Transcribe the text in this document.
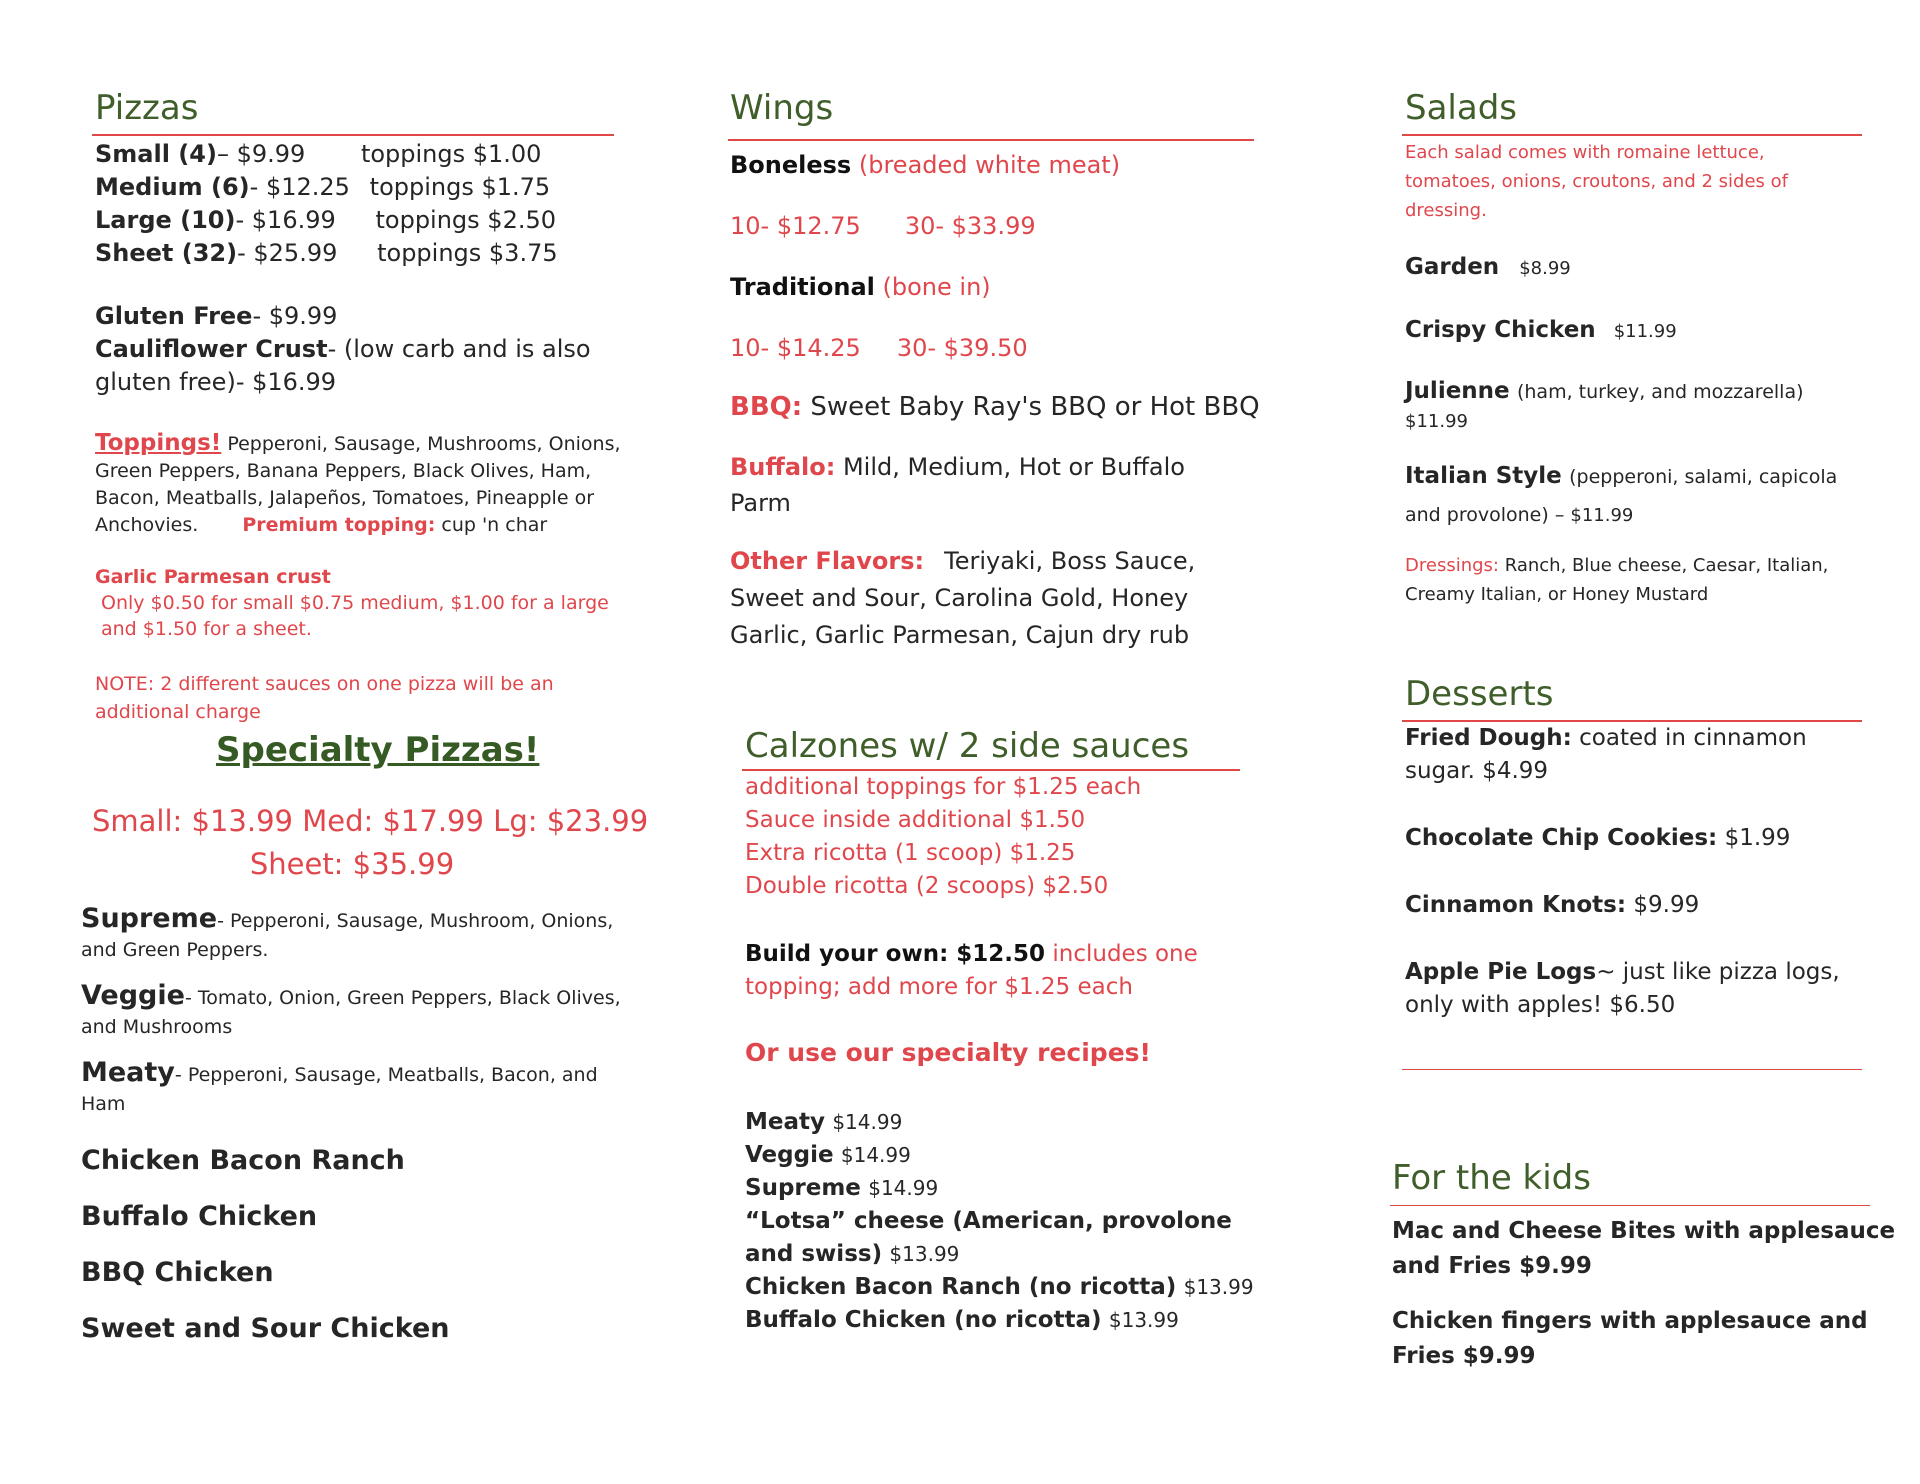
Pizzas
Small (4)– $9.99 toppings $1.00
Medium (6)- $12.25 toppings $1.75
Large (10)- $16.99 toppings $2.50
Sheet (32)- $25.99 toppings $3.75
Gluten Free- $9.99
Cauliflower Crust- (low carb and is also
gluten free)- $16.99
Toppings! Pepperoni, Sausage, Mushrooms, Onions,
Green Peppers, Banana Peppers, Black Olives, Ham,
Bacon, Meatballs, Jalapeños, Tomatoes, Pineapple or
Anchovies. Premium topping: cup 'n char
Garlic Parmesan crust
Only $0.50 for small $0.75 medium, $1.00 for a large
and $1.50 for a sheet.
NOTE: 2 different sauces on one pizza will be an
additional charge
Specialty Pizzas!
Small: $13.99 Med: $17.99 Lg: $23.99
Sheet: $35.99
Supreme- Pepperoni, Sausage, Mushroom, Onions,
and Green Peppers.
Veggie- Tomato, Onion, Green Peppers, Black Olives,
and Mushrooms
Meaty- Pepperoni, Sausage, Meatballs, Bacon, and
Ham
Chicken Bacon Ranch
Buffalo Chicken
BBQ Chicken
Sweet and Sour Chicken
Wings
Boneless (breaded white meat)
10- $12.75 30- $33.99
Traditional (bone in)
10- $14.25 30- $39.50
BBQ: Sweet Baby Ray's BBQ or Hot BBQ
Buffalo: Mild, Medium, Hot or Buffalo
Parm
Other Flavors: Teriyaki, Boss Sauce,
Sweet and Sour, Carolina Gold, Honey
Garlic, Garlic Parmesan, Cajun dry rub
Calzones w/ 2 side sauces
additional toppings for $1.25 each
Sauce inside additional $1.50
Extra ricotta (1 scoop) $1.25
Double ricotta (2 scoops) $2.50
Build your own: $12.50 includes one
topping; add more for $1.25 each
Or use our specialty recipes!
Meaty $14.99
Veggie $14.99
Supreme $14.99
“Lotsa” cheese (American, provolone
and swiss) $13.99
Chicken Bacon Ranch (no ricotta) $13.99
Buffalo Chicken (no ricotta) $13.99
Salads
Each salad comes with romaine lettuce,
tomatoes, onions, croutons, and 2 sides of
dressing.
Garden $8.99
Crispy Chicken $11.99
Julienne (ham, turkey, and mozzarella)
$11.99
Italian Style (pepperoni, salami, capicola
and provolone) – $11.99
Dressings: Ranch, Blue cheese, Caesar, Italian,
Creamy Italian, or Honey Mustard
Desserts
Fried Dough: coated in cinnamon
sugar. $4.99
Chocolate Chip Cookies: $1.99
Cinnamon Knots: $9.99
Apple Pie Logs~ just like pizza logs,
only with apples! $6.50
For the kids
Mac and Cheese Bites with applesauce
and Fries $9.99
Chicken fingers with applesauce and
Fries $9.99
